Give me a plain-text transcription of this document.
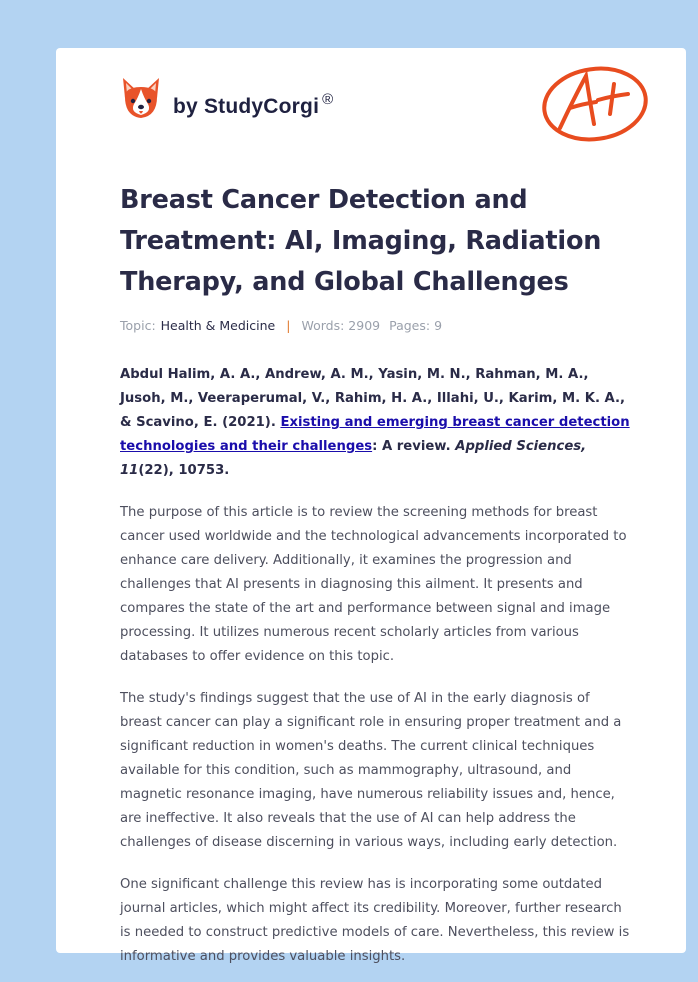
by StudyCorgi ®
A+
Breast Cancer Detection and Treatment: AI, Imaging, Radiation Therapy, and Global Challenges
Topic: Health & Medicine | Words: 2909 Pages: 9
Abdul Halim, A. A., Andrew, A. M., Yasin, M. N., Rahman, M. A., Jusoh, M., Veeraperumal, V., Rahim, H. A., Illahi, U., Karim, M. K. A., & Scavino, E. (2021). Existing and emerging breast cancer detection technologies and their challenges: A review. Applied Sciences, 11(22), 10753.

The purpose of this article is to review the screening methods for breast cancer used worldwide and the technological advancements incorporated to enhance care delivery. Additionally, it examines the progression and challenges that AI presents in diagnosing this ailment. It presents and compares the state of the art and performance between signal and image processing. It utilizes numerous recent scholarly articles from various databases to offer evidence on this topic.

The study's findings suggest that the use of AI in the early diagnosis of breast cancer can play a significant role in ensuring proper treatment and a significant reduction in women's deaths. The current clinical techniques available for this condition, such as mammography, ultrasound, and magnetic resonance imaging, have numerous reliability issues and, hence, are ineffective. It also reveals that the use of AI can help address the challenges of disease discerning in various ways, including early detection.

One significant challenge this review has is incorporating some outdated journal articles, which might affect its credibility. Moreover, further research is needed to construct predictive models of care. Nevertheless, this review is informative and provides valuable insights.
